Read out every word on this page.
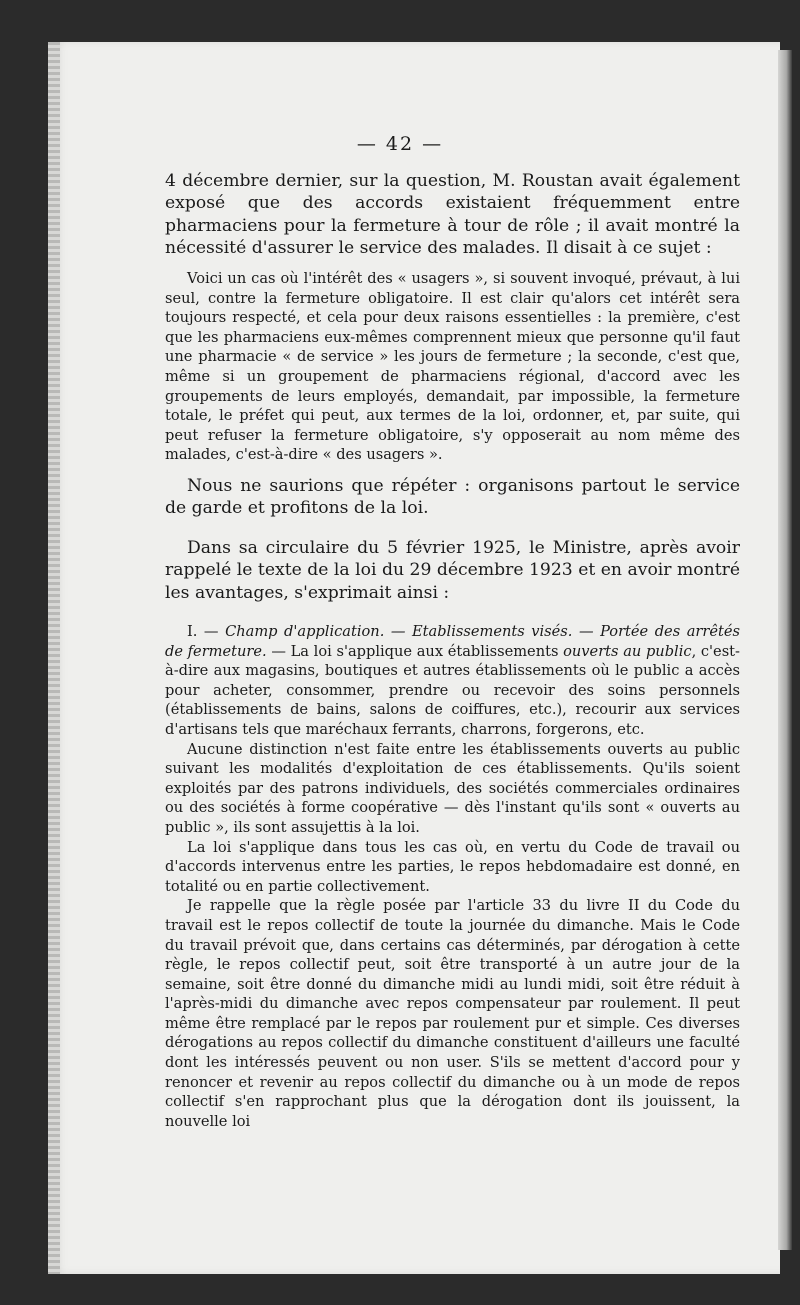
— 42 —

4 décembre dernier, sur la question, M. Roustan avait également exposé que des accords existaient fréquemment entre pharmaciens pour la fermeture à tour de rôle ; il avait montré la nécessité d'assurer le service des malades. Il disait à ce sujet :

Voici un cas où l'intérêt des « usagers », si souvent invoqué, prévaut, à lui seul, contre la fermeture obligatoire. Il est clair qu'alors cet intérêt sera toujours respecté, et cela pour deux raisons essentielles : la première, c'est que les pharmaciens eux-mêmes comprennent mieux que personne qu'il faut une pharmacie « de service » les jours de fermeture ; la seconde, c'est que, même si un groupement de pharmaciens régional, d'accord avec les groupements de leurs employés, demandait, par impossible, la fermeture totale, le préfet qui peut, aux termes de la loi, ordonner, et, par suite, qui peut refuser la fermeture obligatoire, s'y opposerait au nom même des malades, c'est-à-dire « des usagers ».

Nous ne saurions que répéter : organisons partout le service de garde et profitons de la loi.

Dans sa circulaire du 5 février 1925, le Ministre, après avoir rappelé le texte de la loi du 29 décembre 1923 et en avoir montré les avantages, s'exprimait ainsi :

I. — Champ d'application. — Etablissements visés. — Portée des arrêtés de fermeture. — La loi s'applique aux établissements ouverts au public, c'est-à-dire aux magasins, boutiques et autres établissements où le public a accès pour acheter, consommer, prendre ou recevoir des soins personnels (établissements de bains, salons de coiffures, etc.), recourir aux services d'artisans tels que maréchaux ferrants, charrons, forgerons, etc.

Aucune distinction n'est faite entre les établissements ouverts au public suivant les modalités d'exploitation de ces établissements. Qu'ils soient exploités par des patrons individuels, des sociétés commerciales ordinaires ou des sociétés à forme coopérative — dès l'instant qu'ils sont « ouverts au public », ils sont assujettis à la loi.

La loi s'applique dans tous les cas où, en vertu du Code de travail ou d'accords intervenus entre les parties, le repos hebdomadaire est donné, en totalité ou en partie collectivement.

Je rappelle que la règle posée par l'article 33 du livre II du Code du travail est le repos collectif de toute la journée du dimanche. Mais le Code du travail prévoit que, dans certains cas déterminés, par dérogation à cette règle, le repos collectif peut, soit être transporté à un autre jour de la semaine, soit être donné du dimanche midi au lundi midi, soit être réduit à l'après-midi du dimanche avec repos compensateur par roulement. Il peut même être remplacé par le repos par roulement pur et simple. Ces diverses dérogations au repos collectif du dimanche constituent d'ailleurs une faculté dont les intéressés peuvent ou non user. S'ils se mettent d'accord pour y renoncer et revenir au repos collectif du dimanche ou à un mode de repos collectif s'en rapprochant plus que la dérogation dont ils jouissent, la nouvelle loi
